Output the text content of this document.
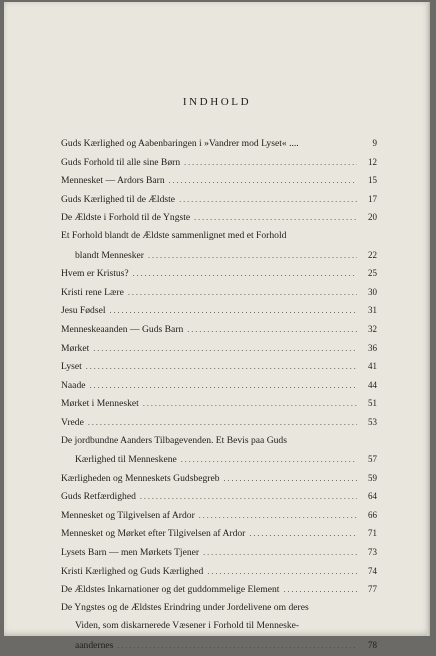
INDHOLD
Guds Kærlighed og Aabenbaringen i »Vandrer mod Lyset« ....	9
Guds Forhold til alle sine Børn . . .	12
Mennesket — Ardors Barn . . .	15
Guds Kærlighed til de Ældste . . .	17
De Ældste i Forhold til de Yngste . . .	20
Et Forhold blandt de Ældste sammenlignet med et Forhold
blandt Mennesker . . .	22
Hvem er Kristus? . . .	25
Kristi rene Lære . . .	30
Jesu Fødsel . . .	31
Menneskeaanden — Guds Barn . . .	32
Mørket . . .	36
Lyset . . .	41
Naade . . .	44
Mørket i Mennesket . . .	51
Vrede . . .	53
De jordbundne Aanders Tilbagevenden. Et Bevis paa Guds
Kærlighed til Menneskene . . .	57
Kærligheden og Menneskets Gudsbegreb . . .	59
Guds Retfærdighed . . .	64
Mennesket og Tilgivelsen af Ardor . . .	66
Mennesket og Mørket efter Tilgivelsen af Ardor . . .	71
Lysets Barn — men Mørkets Tjener . . .	73
Kristi Kærlighed og Guds Kærlighed . . .	74
De Ældstes Inkarnationer og det guddommelige Element . . .	77
De Yngstes og de Ældstes Erindring under Jordelivene om deres
Viden, som diskarnerede Væsener i Forhold til Menneske-
aandernes . . .	78
